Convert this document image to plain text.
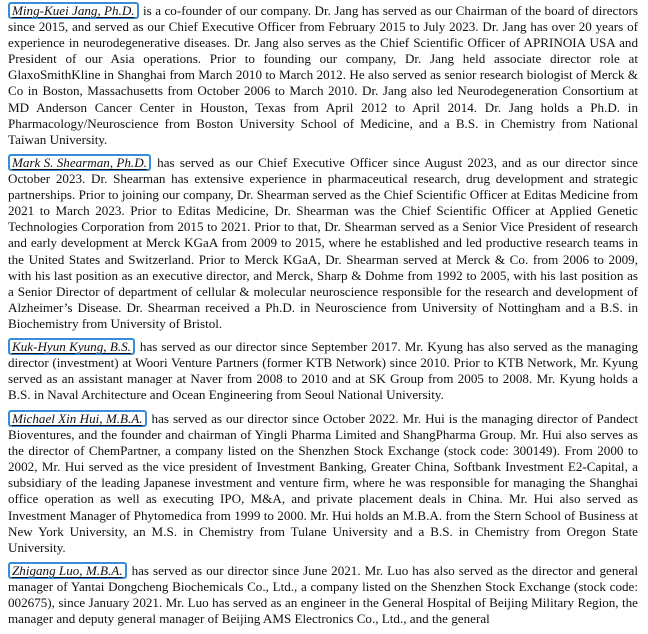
Ming-Kuei Jang, Ph.D. is a co-founder of our company. Dr. Jang has served as our Chairman of the board of directors since 2015, and served as our Chief Executive Officer from February 2015 to July 2023. Dr. Jang has over 20 years of experience in neurodegenerative diseases. Dr. Jang also serves as the Chief Scientific Officer of APRINOIA USA and President of our Asia operations. Prior to founding our company, Dr. Jang held associate director role at GlaxoSmithKline in Shanghai from March 2010 to March 2012. He also served as senior research biologist of Merck & Co in Boston, Massachusetts from October 2006 to March 2010. Dr. Jang also led Neurodegeneration Consortium at MD Anderson Cancer Center in Houston, Texas from April 2012 to April 2014. Dr. Jang holds a Ph.D. in Pharmacology/Neuroscience from Boston University School of Medicine, and a B.S. in Chemistry from National Taiwan University.

Mark S. Shearman, Ph.D. has served as our Chief Executive Officer since August 2023, and as our director since October 2023. Dr. Shearman has extensive experience in pharmaceutical research, drug development and strategic partnerships. Prior to joining our company, Dr. Shearman served as the Chief Scientific Officer at Editas Medicine from 2021 to March 2023. Prior to Editas Medicine, Dr. Shearman was the Chief Scientific Officer at Applied Genetic Technologies Corporation from 2015 to 2021. Prior to that, Dr. Shearman served as a Senior Vice President of research and early development at Merck KGaA from 2009 to 2015, where he established and led productive research teams in the United States and Switzerland. Prior to Merck KGaA, Dr. Shearman served at Merck & Co. from 2006 to 2009, with his last position as an executive director, and Merck, Sharp & Dohme from 1992 to 2005, with his last position as a Senior Director of department of cellular & molecular neuroscience responsible for the research and development of Alzheimer’s Disease. Dr. Shearman received a Ph.D. in Neuroscience from University of Nottingham and a B.S. in Biochemistry from University of Bristol.

Kuk-Hyun Kyung, B.S. has served as our director since September 2017. Mr. Kyung has also served as the managing director (investment) at Woori Venture Partners (former KTB Network) since 2010. Prior to KTB Network, Mr. Kyung served as an assistant manager at Naver from 2008 to 2010 and at SK Group from 2005 to 2008. Mr. Kyung holds a B.S. in Naval Architecture and Ocean Engineering from Seoul National University.

Michael Xin Hui, M.B.A. has served as our director since October 2022. Mr. Hui is the managing director of Pandect Bioventures, and the founder and chairman of Yingli Pharma Limited and ShangPharma Group. Mr. Hui also serves as the director of ChemPartner, a company listed on the Shenzhen Stock Exchange (stock code: 300149). From 2000 to 2002, Mr. Hui served as the vice president of Investment Banking, Greater China, Softbank Investment E2-Capital, a subsidiary of the leading Japanese investment and venture firm, where he was responsible for managing the Shanghai office operation as well as executing IPO, M&A, and private placement deals in China. Mr. Hui also served as Investment Manager of Phytomedica from 1999 to 2000. Mr. Hui holds an M.B.A. from the Stern School of Business at New York University, an M.S. in Chemistry from Tulane University and a B.S. in Chemistry from Oregon State University.

Zhigang Luo, M.B.A. has served as our director since June 2021. Mr. Luo has also served as the director and general manager of Yantai Dongcheng Biochemicals Co., Ltd., a company listed on the Shenzhen Stock Exchange (stock code: 002675), since January 2021. Mr. Luo has served as an engineer in the General Hospital of Beijing Military Region, the manager and deputy general manager of Beijing AMS Electronics Co., Ltd., and the general
